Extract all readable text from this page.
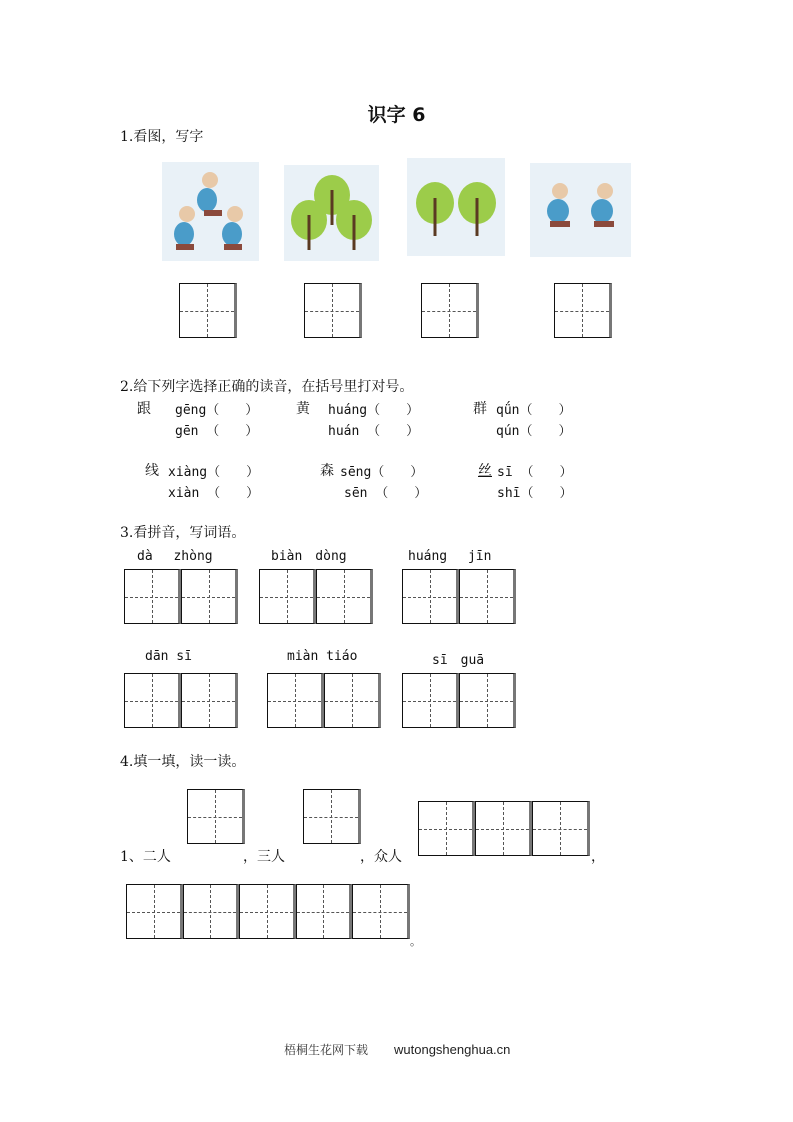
识字 6
1.看图，写字
2.给下列字选择正确的读音，在括号里打对号。
跟 gēng（　　）
gēn （　　）
黄 huáng（　　）
huán （　　）
群 qǘn（　　）
qún（　　）
线 xiàng（　　）
xiàn （　　）
森 sēng（　　）
sēn （　　）
丝 sī （　　）
shī（　　）
3.看拼音，写词语。
dà　 zhòng	biàn　dòng	huáng　 jīn
dān sī	miàn tiáo	sī　guā
4.填一填，读一读。
1、二人	，三人	，众人	，
。
梧桐生花网下载 wutongshenghua.cn
